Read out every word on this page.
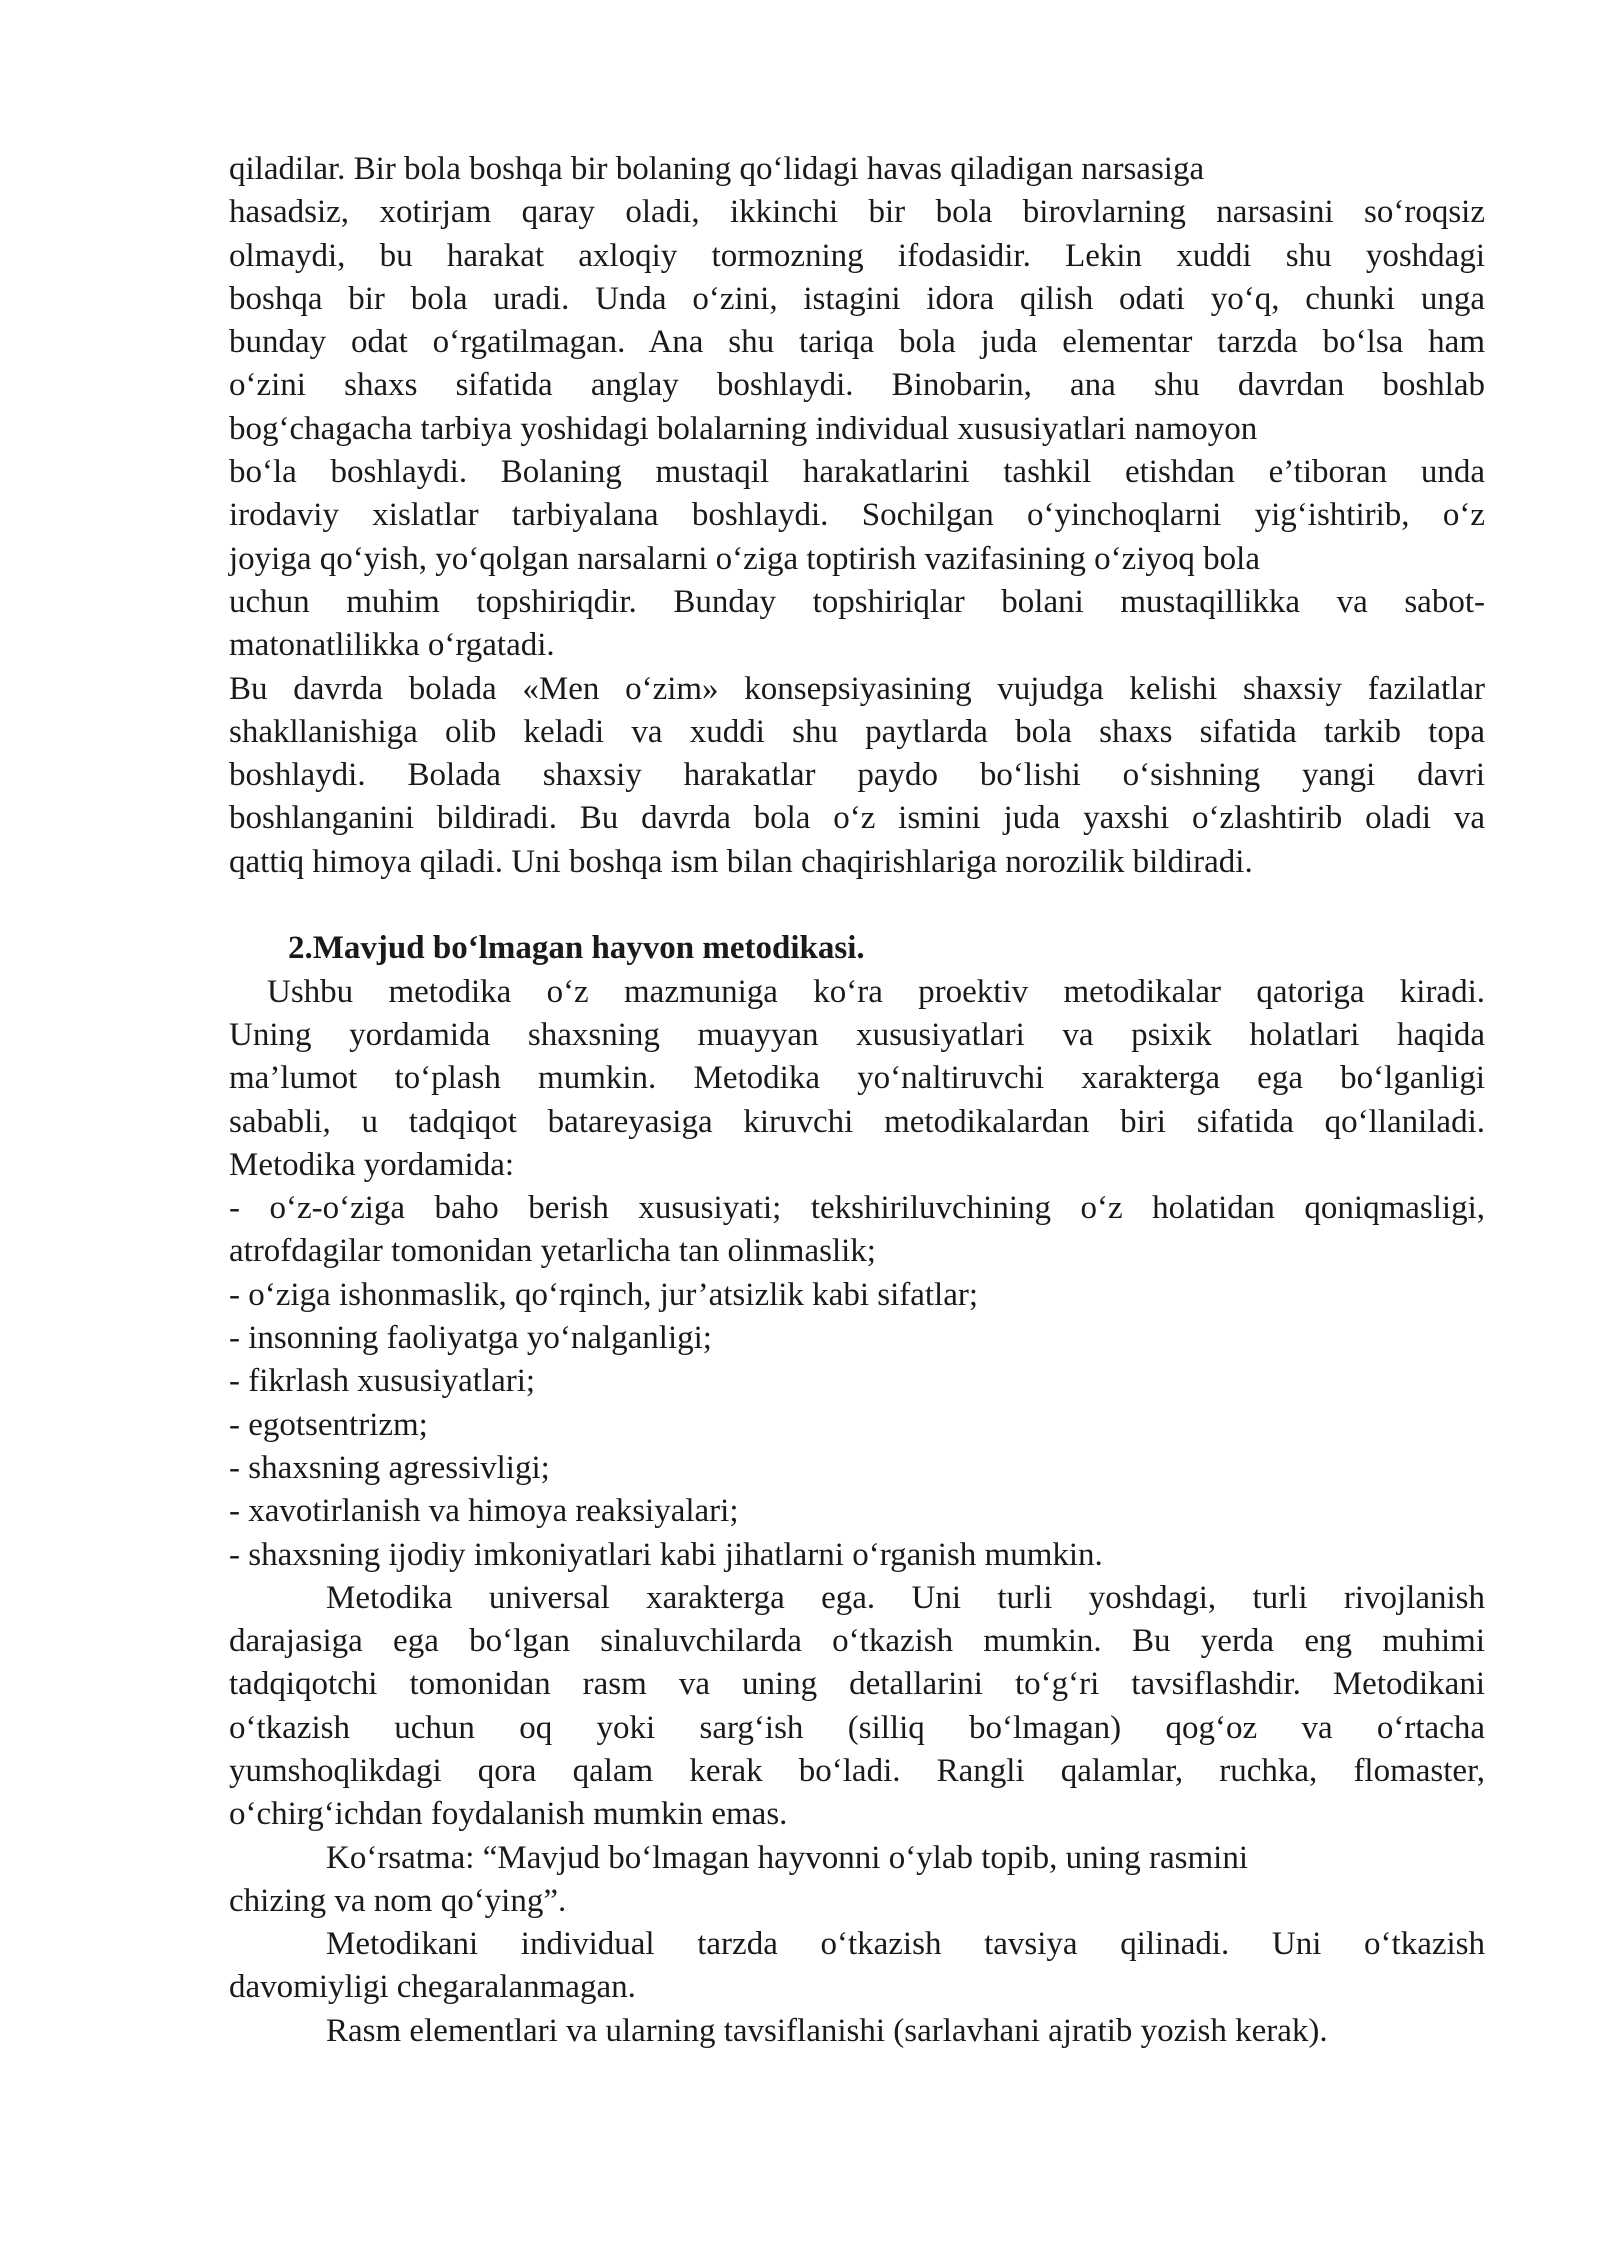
qiladilar. Bir bola boshqa bir bolaning qo‘lidagi havas qiladigan narsasiga
hasadsiz, xotirjam qaray oladi, ikkinchi bir bola birovlarning narsasini so‘roqsiz
olmaydi, bu harakat axloqiy tormozning ifodasidir. Lekin xuddi shu yoshdagi
boshqa bir bola uradi. Unda o‘zini, istagini idora qilish odati yo‘q, chunki unga
bunday odat o‘rgatilmagan. Ana shu tariqa bola juda elementar tarzda bo‘lsa ham
o‘zini shaxs sifatida anglay boshlaydi. Binobarin, ana shu davrdan boshlab
bog‘chagacha tarbiya yoshidagi bolalarning individual xususiyatlari namoyon
bo‘la boshlaydi. Bolaning mustaqil harakatlarini tashkil etishdan e’tiboran unda
irodaviy xislatlar tarbiyalana boshlaydi. Sochilgan o‘yinchoqlarni yig‘ishtirib, o‘z
joyiga qo‘yish, yo‘qolgan narsalarni o‘ziga toptirish vazifasining o‘ziyoq bola
uchun muhim topshiriqdir. Bunday topshiriqlar bolani mustaqillikka va sabot-
matonatlilikka o‘rgatadi.
Bu davrda bolada «Men o‘zim» konsepsiyasining vujudga kelishi shaxsiy fazilatlar
shakllanishiga olib keladi va xuddi shu paytlarda bola shaxs sifatida tarkib topa
boshlaydi. Bolada shaxsiy harakatlar paydo bo‘lishi o‘sishning yangi davri
boshlanganini bildiradi. Bu davrda bola o‘z ismini juda yaxshi o‘zlashtirib oladi va
qattiq himoya qiladi. Uni boshqa ism bilan chaqirishlariga norozilik bildiradi.
2.Mavjud bo‘lmagan hayvon metodikasi.
Ushbu metodika o‘z mazmuniga ko‘ra proektiv metodikalar qatoriga kiradi.
Uning yordamida shaxsning muayyan xususiyatlari va psixik holatlari haqida
ma’lumot to‘plash mumkin. Metodika yo‘naltiruvchi xarakterga ega bo‘lganligi
sababli, u tadqiqot batareyasiga kiruvchi metodikalardan biri sifatida qo‘llaniladi.
Metodika yordamida:
- o‘z-o‘ziga baho berish xususiyati; tekshiriluvchining o‘z holatidan qoniqmasligi,
atrofdagilar tomonidan yetarlicha tan olinmaslik;
- o‘ziga ishonmaslik, qo‘rqinch, jur’atsizlik kabi sifatlar;
- insonning faoliyatga yo‘nalganligi;
- fikrlash xususiyatlari;
- egotsentrizm;
- shaxsning agressivligi;
- xavotirlanish va himoya reaksiyalari;
- shaxsning ijodiy imkoniyatlari kabi jihatlarni o‘rganish mumkin.
Metodika universal xarakterga ega. Uni turli yoshdagi, turli rivojlanish
darajasiga ega bo‘lgan sinaluvchilarda o‘tkazish mumkin. Bu yerda eng muhimi
tadqiqotchi tomonidan rasm va uning detallarini to‘g‘ri tavsiflashdir. Metodikani
o‘tkazish uchun oq yoki sarg‘ish (silliq bo‘lmagan) qog‘oz va o‘rtacha
yumshoqlikdagi qora qalam kerak bo‘ladi. Rangli qalamlar, ruchka, flomaster,
o‘chirg‘ichdan foydalanish mumkin emas.
Ko‘rsatma: “Mavjud bo‘lmagan hayvonni o‘ylab topib, uning rasmini
chizing va nom qo‘ying”.
Metodikani individual tarzda o‘tkazish tavsiya qilinadi. Uni o‘tkazish
davomiyligi chegaralanmagan.
Rasm elementlari va ularning tavsiflanishi (sarlavhani ajratib yozish kerak).
